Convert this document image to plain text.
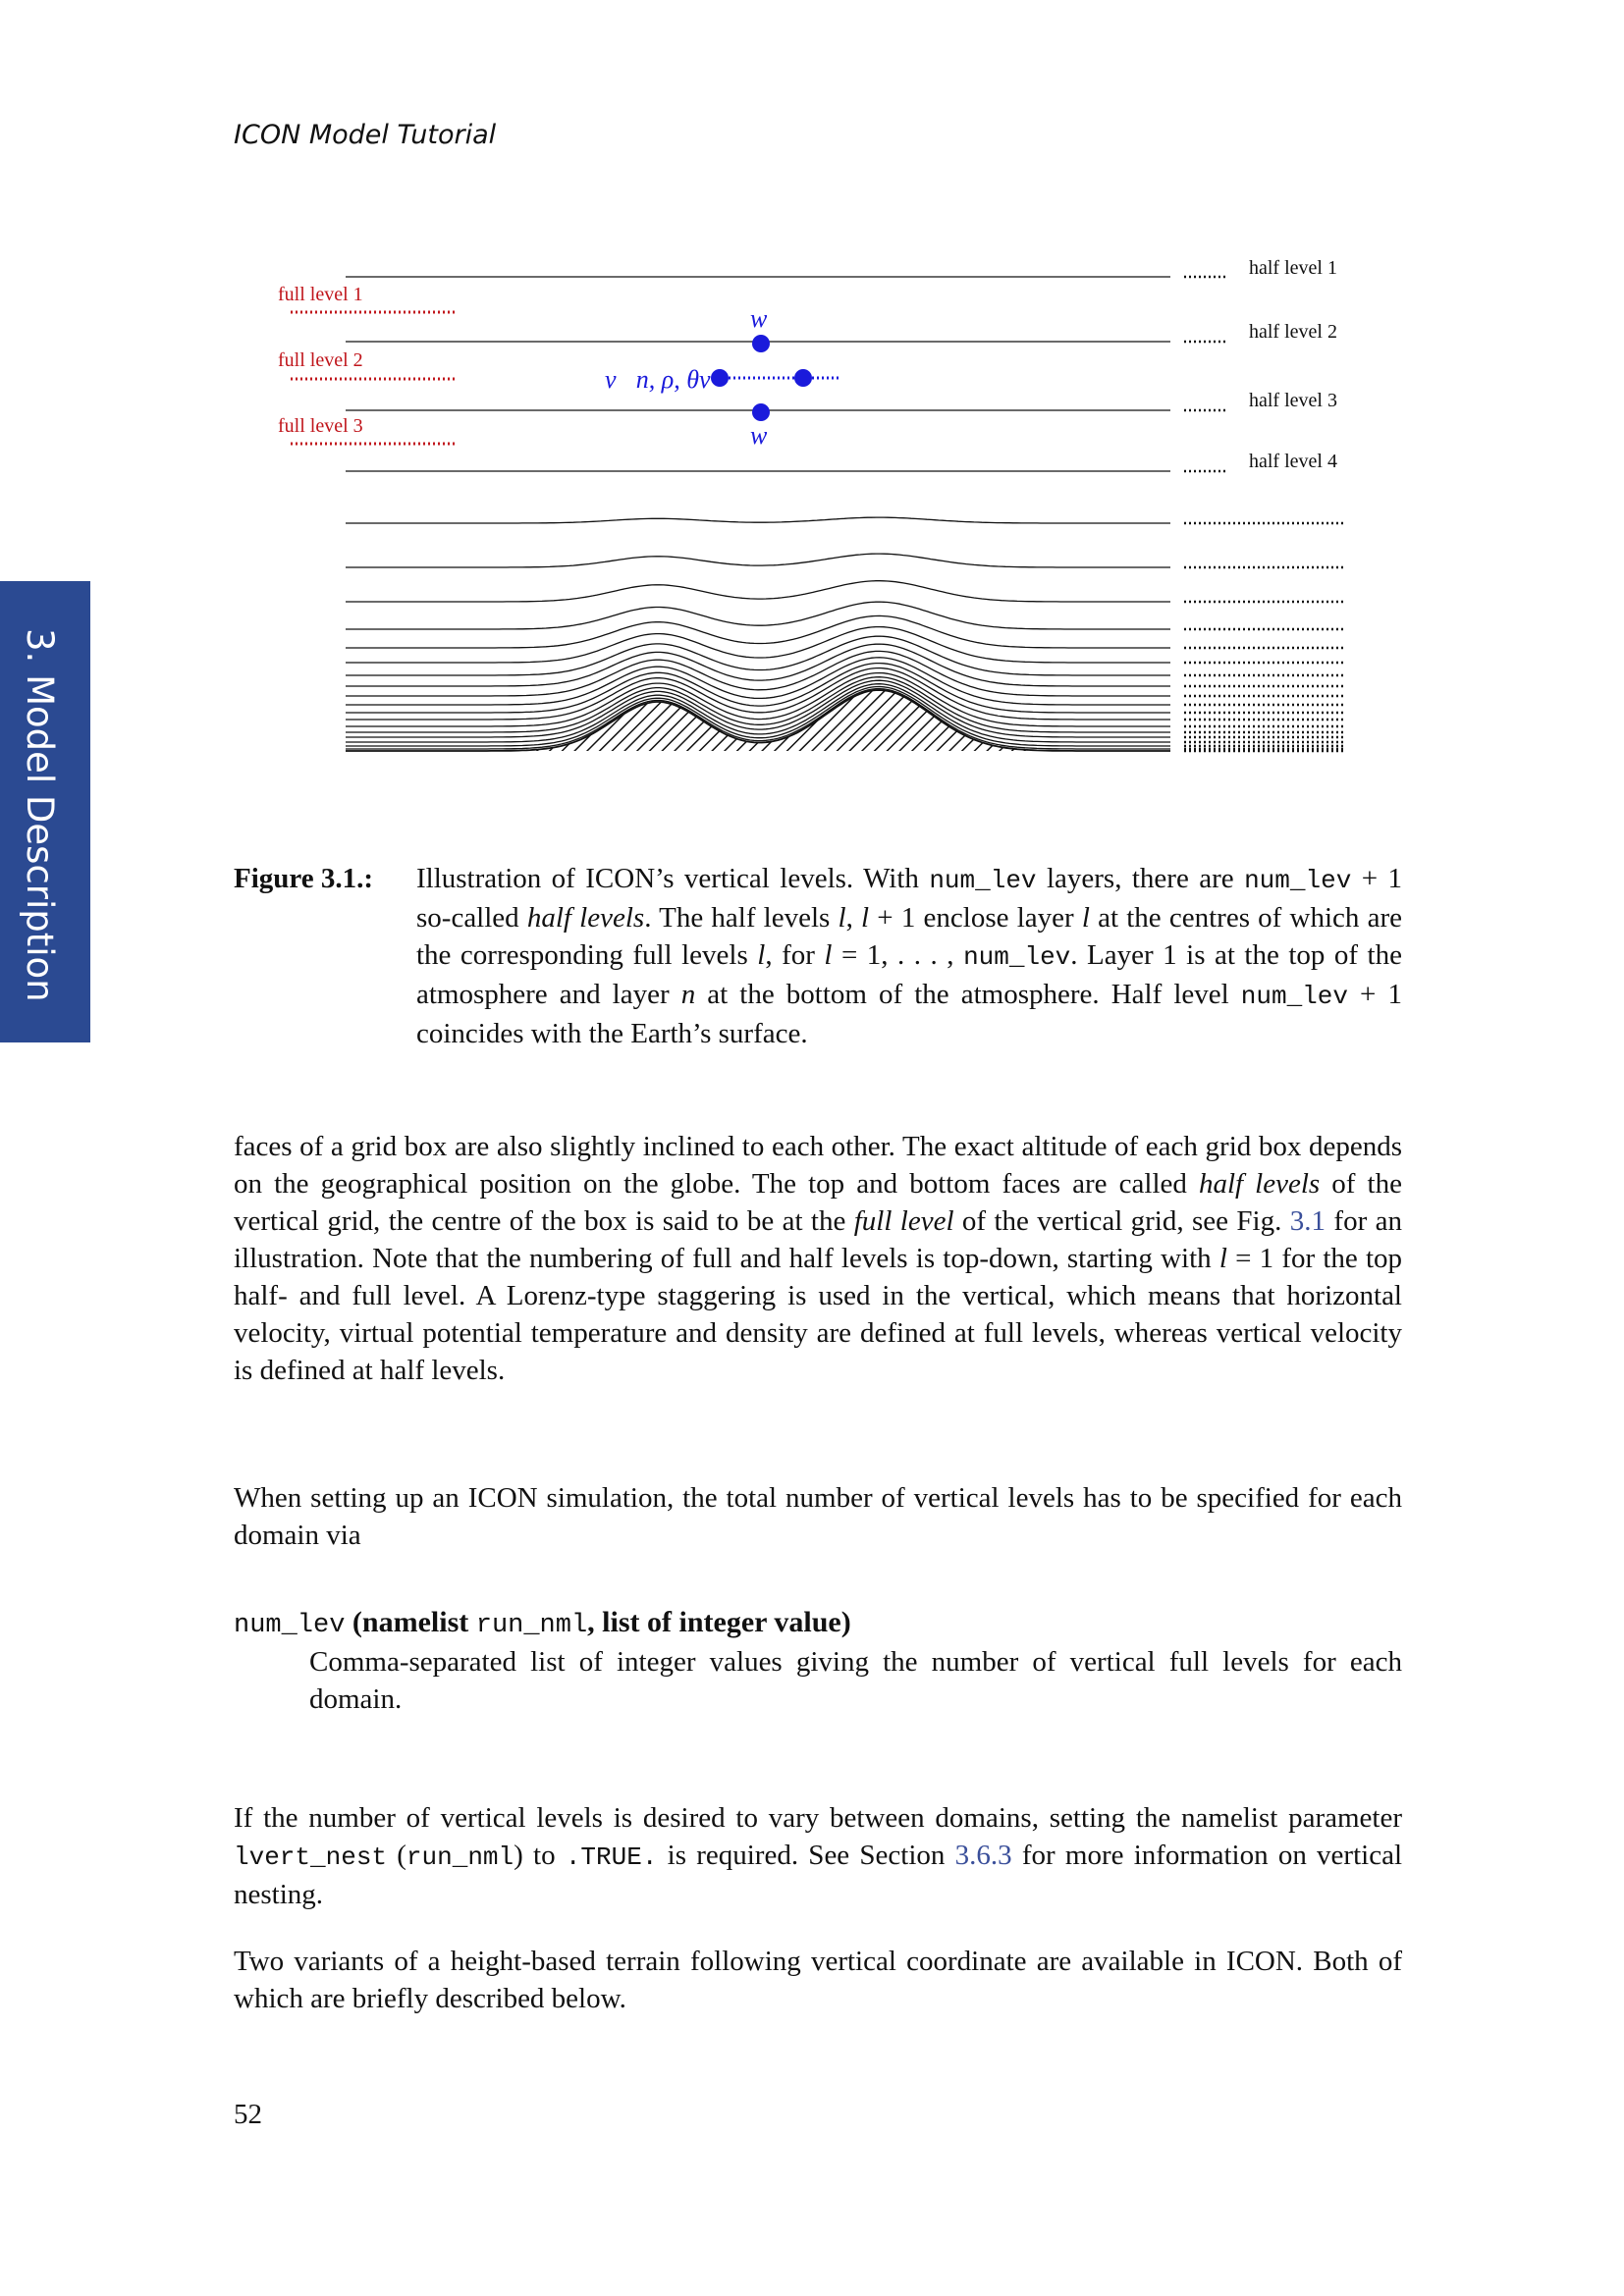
ICON Model Tutorial
3. Model Description
full level 1
full level 2
full level 3
half level 1
half level 2
half level 3
half level 4
w
v⃗n, ρ, θv
w
Figure 3.1.: Illustration of ICON’s vertical levels. With num_lev layers, there are num_lev + 1 so-called half levels. The half levels l, l + 1 enclose layer l at the centres of which are the corresponding full levels l, for l = 1, . . . , num_lev. Layer 1 is at the top of the atmosphere and layer n at the bottom of the atmosphere. Half level num_lev + 1 coincides with the Earth’s surface.

faces of a grid box are also slightly inclined to each other. The exact altitude of each grid box depends on the geographical position on the globe. The top and bottom faces are called half levels of the vertical grid, the centre of the box is said to be at the full level of the vertical grid, see Fig. 3.1 for an illustration. Note that the numbering of full and half levels is top-down, starting with l = 1 for the top half- and full level. A Lorenz-type staggering is used in the vertical, which means that horizontal velocity, virtual potential temperature and density are defined at full levels, whereas vertical velocity is defined at half levels.

When setting up an ICON simulation, the total number of vertical levels has to be specified for each domain via

num_lev (namelist run_nml, list of integer value)
Comma-separated list of integer values giving the number of vertical full levels for each domain.

If the number of vertical levels is desired to vary between domains, setting the namelist parameter lvert_nest (run_nml) to .TRUE. is required. See Section 3.6.3 for more information on vertical nesting.

Two variants of a height-based terrain following vertical coordinate are available in ICON. Both of which are briefly described below.

52
